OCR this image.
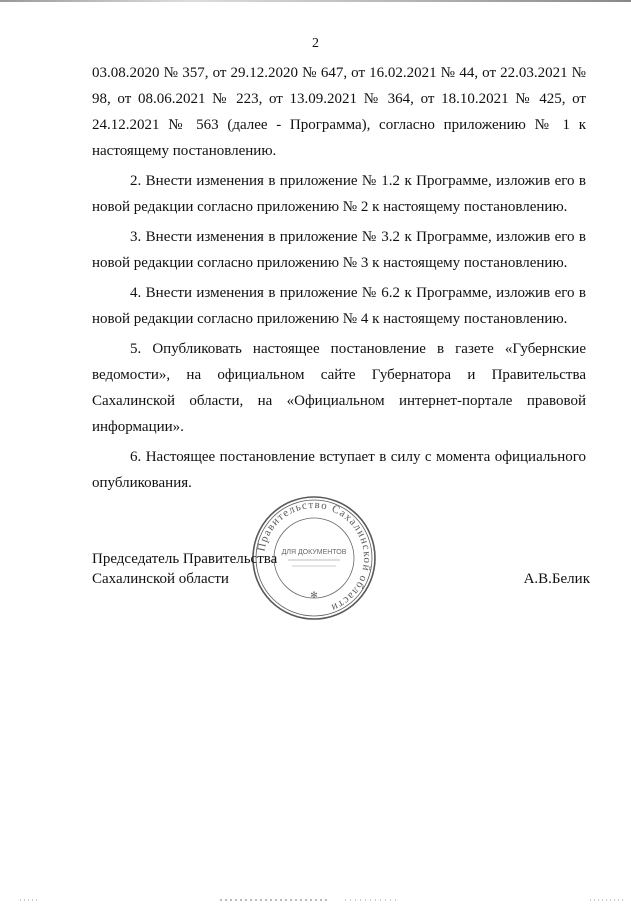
2

03.08.2020 № 357, от 29.12.2020 № 647, от 16.02.2021 № 44, от 22.03.2021 № 98, от 08.06.2021 № 223, от 13.09.2021 № 364, от 18.10.2021 № 425, от 24.12.2021 № 563 (далее - Программа), согласно приложению № 1 к настоящему постановлению.

2. Внести изменения в приложение № 1.2 к Программе, изложив его в новой редакции согласно приложению № 2 к настоящему постановлению.

3. Внести изменения в приложение № 3.2 к Программе, изложив его в новой редакции согласно приложению № 3 к настоящему постановлению.

4. Внести изменения в приложение № 6.2 к Программе, изложив его в новой редакции согласно приложению № 4 к настоящему постановлению.

5. Опубликовать настоящее постановление в газете «Губернские ведомости», на официальном сайте Губернатора и Правительства Сахалинской области, на «Официальном интернет-портале правовой информации».

6. Настоящее постановление вступает в силу с момента официального опубликования.

Правительство Сахалинской области
ДЛЯ ДОКУМЕНТОВ
✻
Председатель Правительства
Сахалинской области	А.В.Белик
